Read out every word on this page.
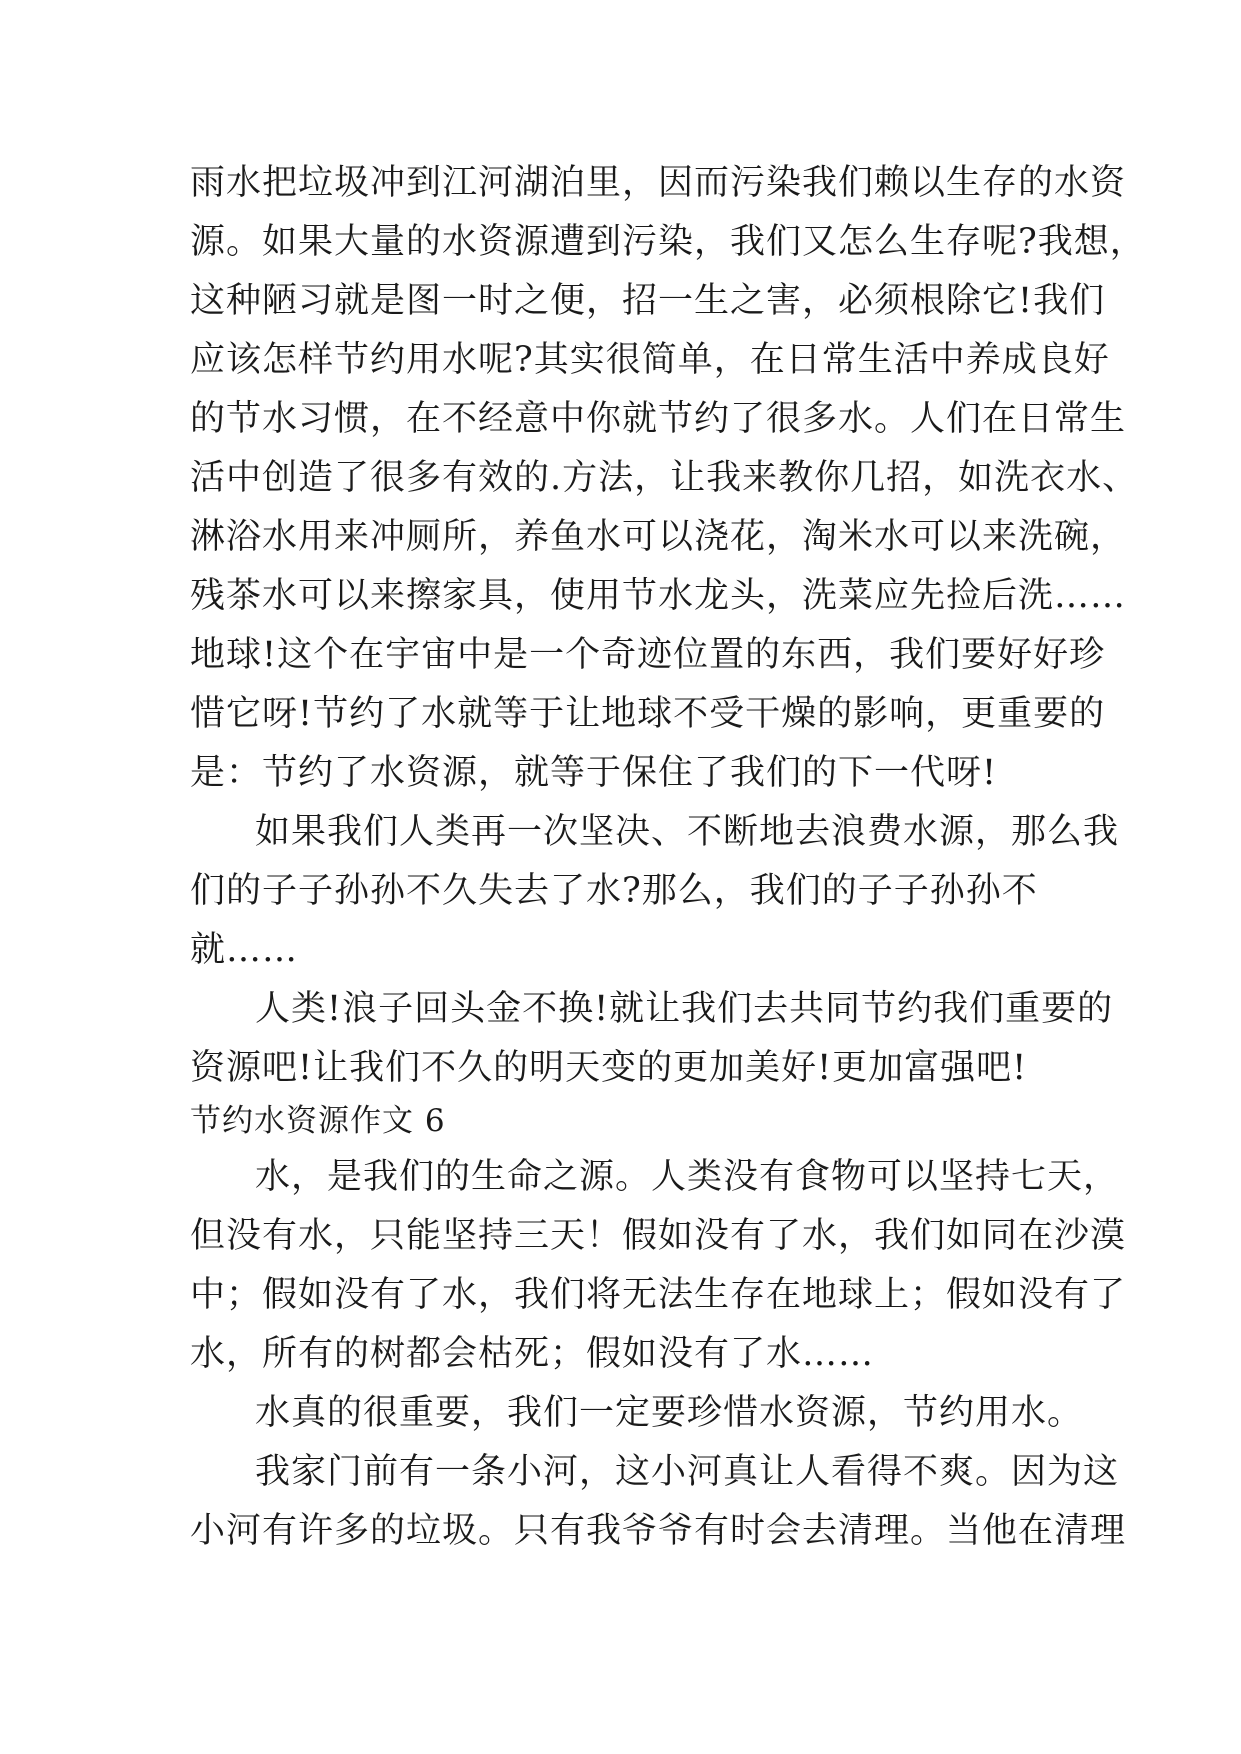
雨水把垃圾冲到江河湖泊里，因而污染我们赖以生存的水资
源。如果大量的水资源遭到污染，我们又怎么生存呢?我想，
这种陋习就是图一时之便，招一生之害，必须根除它!我们
应该怎样节约用水呢?其实很简单，在日常生活中养成良好
的节水习惯，在不经意中你就节约了很多水。人们在日常生
活中创造了很多有效的.方法，让我来教你几招，如洗衣水、
淋浴水用来冲厕所，养鱼水可以浇花，淘米水可以来洗碗，
残茶水可以来擦家具，使用节水龙头，洗菜应先捡后洗……
地球!这个在宇宙中是一个奇迹位置的东西，我们要好好珍
惜它呀!节约了水就等于让地球不受干燥的影响，更重要的
是：节约了水资源，就等于保住了我们的下一代呀!
如果我们人类再一次坚决、不断地去浪费水源，那么我
们的子子孙孙不久失去了水?那么，我们的子子孙孙不
就……
人类!浪子回头金不换!就让我们去共同节约我们重要的
资源吧!让我们不久的明天变的更加美好!更加富强吧!
节约水资源作文 6
水，是我们的生命之源。人类没有食物可以坚持七天，
但没有水，只能坚持三天！假如没有了水，我们如同在沙漠
中；假如没有了水，我们将无法生存在地球上；假如没有了
水，所有的树都会枯死；假如没有了水……
水真的很重要，我们一定要珍惜水资源，节约用水。
我家门前有一条小河，这小河真让人看得不爽。因为这
小河有许多的垃圾。只有我爷爷有时会去清理。当他在清理
